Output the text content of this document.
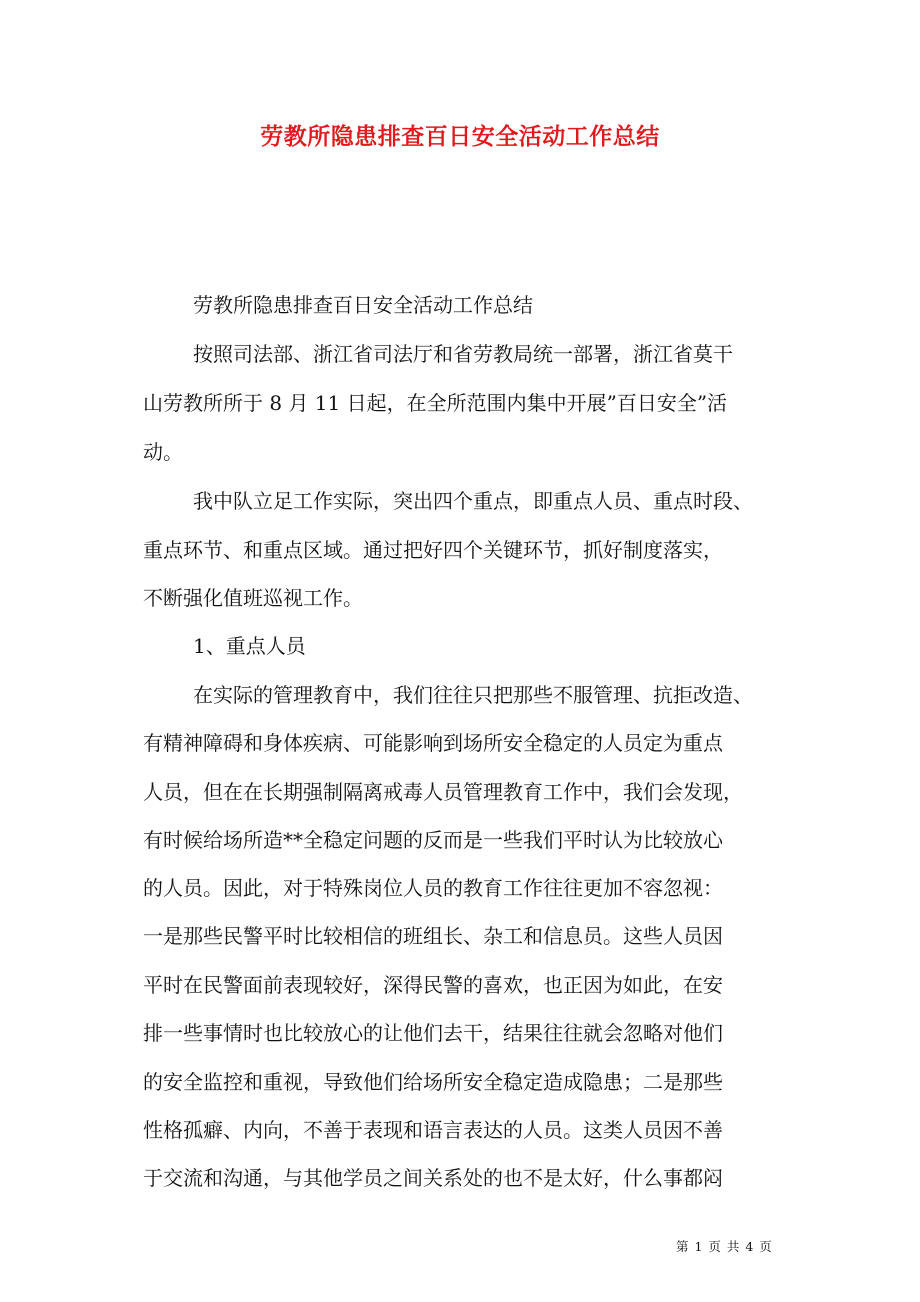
劳教所隐患排查百日安全活动工作总结
劳教所隐患排查百日安全活动工作总结
按照司法部、浙江省司法厅和省劳教局统一部署，浙江省莫干
山劳教所所于 8 月 11 日起，在全所范围内集中开展”百日安全”活
动。
我中队立足工作实际，突出四个重点，即重点人员、重点时段、
重点环节、和重点区域。通过把好四个关键环节，抓好制度落实，
不断强化值班巡视工作。
1、重点人员
在实际的管理教育中，我们往往只把那些不服管理、抗拒改造、
有精神障碍和身体疾病、可能影响到场所安全稳定的人员定为重点
人员，但在在长期强制隔离戒毒人员管理教育工作中，我们会发现，
有时候给场所造**全稳定问题的反而是一些我们平时认为比较放心
的人员。因此，对于特殊岗位人员的教育工作往往更加不容忽视：
一是那些民警平时比较相信的班组长、杂工和信息员。这些人员因
平时在民警面前表现较好，深得民警的喜欢，也正因为如此，在安
排一些事情时也比较放心的让他们去干，结果往往就会忽略对他们
的安全监控和重视，导致他们给场所安全稳定造成隐患；二是那些
性格孤癖、内向，不善于表现和语言表达的人员。这类人员因不善
于交流和沟通，与其他学员之间关系处的也不是太好，什么事都闷
第 1 页 共 4 页
